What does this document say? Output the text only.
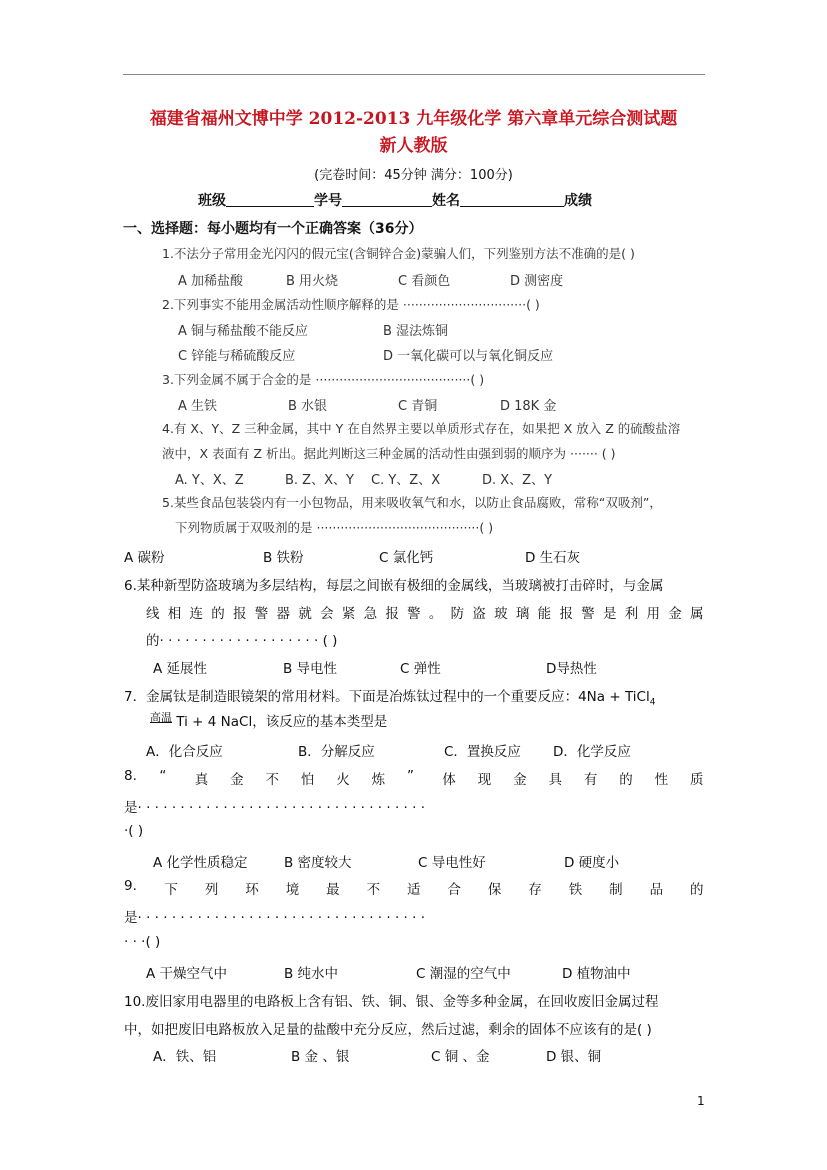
福建省福州文博中学 2012-2013 九年级化学 第六章单元综合测试题
新人教版
(完卷时间：45分钟 满分：100分)
班级	学号	姓名	成绩
一、选择题：每小题均有一个正确答案（36分）
1.不法分子常用金光闪闪的假元宝(含铜锌合金)蒙骗人们，下列鉴别方法不准确的是( )
A 加稀盐酸	B 用火烧	C 看颜色	D 测密度
2.下列事实不能用金属活动性顺序解释的是 ·······························( )
A 铜与稀盐酸不能反应	B 湿法炼铜
C 锌能与稀硫酸反应	D 一氧化碳可以与氧化铜反应
3.下列金属不属于合金的是 ·······································( )
A 生铁	B 水银	C 青铜	D 18K 金
4.有 X、Y、Z 三种金属，其中 Y 在自然界主要以单质形式存在，如果把 X 放入 Z 的硫酸盐溶
液中，X 表面有 Z 析出。据此判断这三种金属的活动性由强到弱的顺序为 ······· ( )
A. Y、X、Z	B. Z、X、Y C. Y、Z、X	D. X、Z、Y
5.某些食品包装袋内有一小包物品，用来吸收氧气和水，以防止食品腐败，常称“双吸剂”，
下列物质属于双吸剂的是 ·········································( )
A 碳粉	B 铁粉	C 氯化钙	D 生石灰
6.某种新型防盗玻璃为多层结构，每层之间嵌有极细的金属线，当玻璃被打击碎时，与金属
线 相 连 的 报 警 器 就 会 紧 急 报 警 。 防 盗 玻 璃 能 报 警 是 利 用 金 属
的· · · · · · · · · · · · · · · · · · · ( )
A 延展性	B 导电性	C 弹性	D导热性
7．金属钛是制造眼镜架的常用材料。下面是冶炼钛过程中的一个重要反应：4Na + TiCl$_4$
$^{高温}$ Ti + 4 NaCl，该反应的基本类型是
A．化合反应	B．分解反应	C．置换反应 D．化学反应
8. “ 真 金 不 怕 火 炼 ” 体 现 金 具 有 的 性 质
是· · · · · · · · · · · · · · · · · · · · · · · · · · · · · · · · · ·
·( )
A 化学性质稳定	B 密度较大	C 导电性好	D 硬度小
9. 下 列 环 境 最 不 适 合 保 存 铁 制 品 的
是· · · · · · · · · · · · · · · · · · · · · · · · · · · · · · · · · ·
· · ·( )
A 干燥空气中	B 纯水中	C 潮湿的空气中	D 植物油中
10.废旧家用电器里的电路板上含有铝、铁、铜、银、金等多种金属，在回收废旧金属过程
中，如把废旧电路板放入足量的盐酸中充分反应，然后过滤，剩余的固体不应该有的是( )
A．铁、铝	B 金 、银	C 铜 、金	D 银、铜
1
